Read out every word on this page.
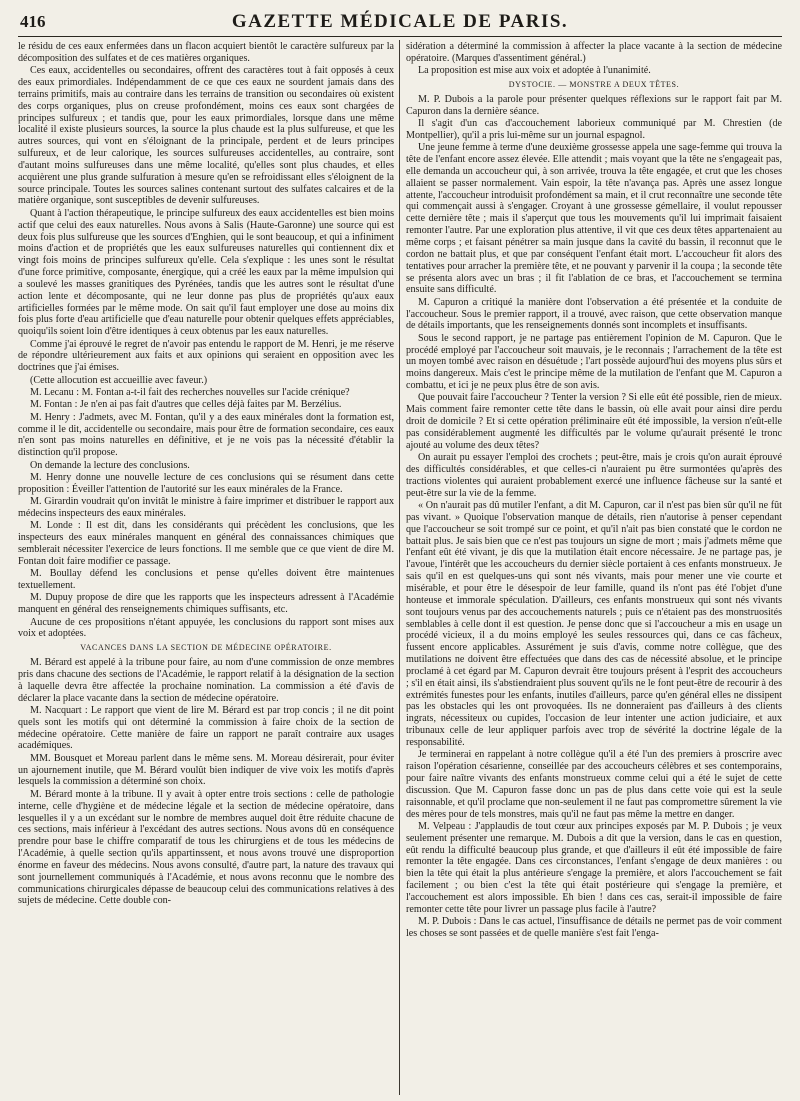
416	GAZETTE MÉDICALE DE PARIS.

le résidu de ces eaux enfermées dans un flacon acquiert bientôt le caractère sulfureux par la décomposition des sulfates et de ces matières organiques.

Ces eaux, accidentelles ou secondaires, offrent des caractères tout à fait opposés à ceux des eaux primordiales. Indépendamment de ce que ces eaux ne sourdent jamais dans des terrains primitifs, mais au contraire dans les terrains de transition ou secondaires où existent des corps organiques, plus on creuse profondément, moins ces eaux sont chargées de principes sulfureux ; et tandis que, pour les eaux primordiales, lorsque dans une même localité il existe plusieurs sources, la source la plus chaude est la plus sulfureuse, et que les autres sources, qui vont en s'éloignant de la principale, perdent et de leurs principes sulfureux, et de leur calorique, les sources sulfureuses accidentelles, au contraire, sont d'autant moins sulfureuses dans une même localité, qu'elles sont plus chaudes, et elles acquièrent une plus grande sulfuration à mesure qu'en se refroidissant elles s'éloignent de la source principale. Toutes les sources salines contenant surtout des sulfates calcaires et de la matière organique, sont susceptibles de devenir sulfureuses.

Quant à l'action thérapeutique, le principe sulfureux des eaux accidentelles est bien moins actif que celui des eaux naturelles. Nous avons à Salis (Haute-Garonne) une source qui est deux fois plus sulfureuse que les sources d'Enghien, qui le sont beaucoup, et qui a infiniment moins d'action et de propriétés que les eaux sulfureuses naturelles qui contiennent dix et vingt fois moins de principes sulfureux qu'elle. Cela s'explique : les unes sont le résultat d'une force primitive, composante, énergique, qui a créé les eaux par la même impulsion qui a soulevé les masses granitiques des Pyrénées, tandis que les autres sont le résultat d'une action lente et décomposante, qui ne leur donne pas plus de propriétés qu'aux eaux artificielles formées par le même mode. On sait qu'il faut employer une dose au moins dix fois plus forte d'eau artificielle que d'eau naturelle pour obtenir quelques effets appréciables, quoiqu'ils soient loin d'être identiques à ceux obtenus par les eaux naturelles.

Comme j'ai éprouvé le regret de n'avoir pas entendu le rapport de M. Henri, je me réserve de répondre ultérieurement aux faits et aux opinions qui seraient en opposition avec les doctrines que j'ai émises.

(Cette allocution est accueillie avec faveur.)

M. Lecanu : M. Fontan a-t-il fait des recherches nouvelles sur l'acide crénique?

M. Fontan : Je n'en ai pas fait d'autres que celles déjà faites par M. Berzélius.

M. Henry : J'admets, avec M. Fontan, qu'il y a des eaux minérales dont la formation est, comme il le dit, accidentelle ou secondaire, mais pour être de formation secondaire, ces eaux n'en sont pas moins naturelles en définitive, et je ne vois pas la nécessité d'établir la distinction qu'il propose.

On demande la lecture des conclusions.

M. Henry donne une nouvelle lecture de ces conclusions qui se résument dans cette proposition : Éveiller l'attention de l'autorité sur les eaux minérales de la France.

M. Girardin voudrait qu'on invitât le ministre à faire imprimer et distribuer le rapport aux médecins inspecteurs des eaux minérales.

M. Londe : Il est dit, dans les considérants qui précèdent les conclusions, que les inspecteurs des eaux minérales manquent en général des connaissances chimiques que semblerait nécessiter l'exercice de leurs fonctions. Il me semble que ce que vient de dire M. Fontan doit faire modifier ce passage.

M. Boullay défend les conclusions et pense qu'elles doivent être maintenues textuellement.

M. Dupuy propose de dire que les rapports que les inspecteurs adressent à l'Académie manquent en général des renseignements chimiques suffisants, etc.

Aucune de ces propositions n'étant appuyée, les conclusions du rapport sont mises aux voix et adoptées.

VACANCES DANS LA SECTION DE MÉDECINE OPÉRATOIRE.

M. Bérard est appelé à la tribune pour faire, au nom d'une commission de onze membres pris dans chacune des sections de l'Académie, le rapport relatif à la désignation de la section à laquelle devra être affectée la prochaine nomination. La commission a été d'avis de déclarer la place vacante dans la section de médecine opératoire.

M. Nacquart : Le rapport que vient de lire M. Bérard est par trop concis ; il ne dit point quels sont les motifs qui ont déterminé la commission à faire choix de la section de médecine opératoire. Cette manière de faire un rapport ne paraît contraire aux usages académiques.

MM. Bousquet et Moreau parlent dans le même sens. M. Moreau désirerait, pour éviter un ajournement inutile, que M. Bérard voulût bien indiquer de vive voix les motifs d'après lesquels la commission a déterminé son choix.

M. Bérard monte à la tribune. Il y avait à opter entre trois sections : celle de pathologie interne, celle d'hygiène et de médecine légale et la section de médecine opératoire, dans lesquelles il y a un excédant sur le nombre de membres auquel doit être réduite chacune de ces sections, mais inférieur à l'excédant des autres sections. Nous avons dû en conséquence prendre pour base le chiffre comparatif de tous les chirurgiens et de tous les médecins de l'Académie, à quelle section qu'ils appartinssent, et nous avons trouvé une disproportion énorme en faveur des médecins. Nous avons consulté, d'autre part, la nature des travaux qui sont journellement communiqués à l'Académie, et nous avons reconnu que le nombre des communications chirurgicales dépasse de beaucoup celui des communications relatives à des sujets de médecine. Cette double con-

sidération a déterminé la commission à affecter la place vacante à la section de médecine opératoire. (Marques d'assentiment général.)

La proposition est mise aux voix et adoptée à l'unanimité.

DYSTOCIE. — MONSTRE A DEUX TÊTES.

M. P. Dubois a la parole pour présenter quelques réflexions sur le rapport fait par M. Capuron dans la dernière séance.

Il s'agit d'un cas d'accouchement laborieux communiqué par M. Chrestien (de Montpellier), qu'il a pris lui-même sur un journal espagnol.

Une jeune femme à terme d'une deuxième grossesse appela une sage-femme qui trouva la tête de l'enfant encore assez élevée. Elle attendit ; mais voyant que la tête ne s'engageait pas, elle demanda un accoucheur qui, à son arrivée, trouva la tête engagée, et crut que les choses allaient se passer normalement. Vain espoir, la tête n'avança pas. Après une assez longue attente, l'accoucheur introduisit profondément sa main, et il crut reconnaître une seconde tête qui commençait aussi à s'engager. Croyant à une grossesse gémellaire, il voulut repousser cette dernière tête ; mais il s'aperçut que tous les mouvements qu'il lui imprimait faisaient remonter l'autre. Par une exploration plus attentive, il vit que ces deux têtes appartenaient au même corps ; et faisant pénétrer sa main jusque dans la cavité du bassin, il reconnut que le cordon ne battait plus, et que par conséquent l'enfant était mort. L'accoucheur fit alors des tentatives pour arracher la première tête, et ne pouvant y parvenir il la coupa ; la seconde tête se présenta alors avec un bras ; il fit l'ablation de ce bras, et l'accouchement se termina ensuite sans difficulté.

M. Capuron a critiqué la manière dont l'observation a été présentée et la conduite de l'accoucheur. Sous le premier rapport, il a trouvé, avec raison, que cette observation manque de détails importants, que les renseignements donnés sont incomplets et insuffisants.

Sous le second rapport, je ne partage pas entièrement l'opinion de M. Capuron. Que le procédé employé par l'accoucheur soit mauvais, je le reconnais ; l'arrachement de la tête est un moyen tombé avec raison en désuétude ; l'art possède aujourd'hui des moyens plus sûrs et moins dangereux. Mais c'est le principe même de la mutilation de l'enfant que M. Capuron a combattu, et ici je ne peux plus être de son avis.

Que pouvait faire l'accoucheur ? Tenter la version ? Si elle eût été possible, rien de mieux. Mais comment faire remonter cette tête dans le bassin, où elle avait pour ainsi dire perdu droit de domicile ? Et si cette opération préliminaire eût été impossible, la version n'eût-elle pas considérablement augmenté les difficultés par le volume qu'aurait présenté le tronc ajouté au volume des deux têtes?

On aurait pu essayer l'emploi des crochets ; peut-être, mais je crois qu'on aurait éprouvé des difficultés considérables, et que celles-ci n'auraient pu être surmontées qu'après des tractions violentes qui auraient probablement exercé une influence fâcheuse sur la santé et peut-être sur la vie de la femme.

« On n'aurait pas dû mutiler l'enfant, a dit M. Capuron, car il n'est pas bien sûr qu'il ne fût pas vivant. » Quoique l'observation manque de détails, rien n'autorise à penser cependant que l'accoucheur se soit trompé sur ce point, et qu'il n'ait pas bien constaté que le cordon ne battait plus. Je sais bien que ce n'est pas toujours un signe de mort ; mais j'admets même que l'enfant eût été vivant, je dis que la mutilation était encore nécessaire. Je ne partage pas, je l'avoue, l'intérêt que les accoucheurs du dernier siècle portaient à ces enfants monstrueux. Je sais qu'il en est quelques-uns qui sont nés vivants, mais pour mener une vie courte et misérable, et pour être le désespoir de leur famille, quand ils n'ont pas été l'objet d'une honteuse et immorale spéculation. D'ailleurs, ces enfants monstrueux qui sont nés vivants sont toujours venus par des accouchements naturels ; puis ce n'étaient pas des monstruosités semblables à celle dont il est question. Je pense donc que si l'accoucheur a mis en usage un procédé vicieux, il a du moins employé les seules ressources qui, dans ce cas fâcheux, fussent encore applicables. Assurément je suis d'avis, comme notre collègue, que des mutilations ne doivent être effectuées que dans des cas de nécessité absolue, et le principe proclamé à cet égard par M. Capuron devrait être toujours présent à l'esprit des accoucheurs ; s'il en était ainsi, ils s'abstiendraient plus souvent qu'ils ne le font peut-être de recourir à des extrémités funestes pour les enfants, inutiles d'ailleurs, parce qu'en général elles ne dissipent pas les obstacles qui les ont provoquées. Ils ne donneraient pas d'ailleurs à des clients ingrats, nécessiteux ou cupides, l'occasion de leur intenter une action judiciaire, et aux tribunaux celle de leur appliquer parfois avec trop de sévérité la doctrine légale de la responsabilité.

Je terminerai en rappelant à notre collègue qu'il a été l'un des premiers à proscrire avec raison l'opération césarienne, conseillée par des accoucheurs célèbres et ses contemporains, pour faire naître vivants des enfants monstrueux comme celui qui a été le sujet de cette discussion. Que M. Capuron fasse donc un pas de plus dans cette voie qui est la seule raisonnable, et qu'il proclame que non-seulement il ne faut pas compromettre sûrement la vie des mères pour de tels monstres, mais qu'il ne faut pas même la mettre en danger.

M. Velpeau : J'applaudis de tout cœur aux principes exposés par M. P. Dubois ; je veux seulement présenter une remarque. M. Dubois a dit que la version, dans le cas en question, eût rendu la difficulté beaucoup plus grande, et que d'ailleurs il eût été impossible de faire remonter la tête engagée. Dans ces circonstances, l'enfant s'engage de deux manières : ou bien la tête qui était la plus antérieure s'engage la première, et alors l'accouchement se fait facilement ; ou bien c'est la tête qui était postérieure qui s'engage la première, et l'accouchement est alors impossible. Eh bien ! dans ces cas, serait-il impossible de faire remonter cette tête pour livrer un passage plus facile à l'autre?

M. P. Dubois : Dans le cas actuel, l'insuffisance de détails ne permet pas de voir comment les choses se sont passées et de quelle manière s'est fait l'enga-
